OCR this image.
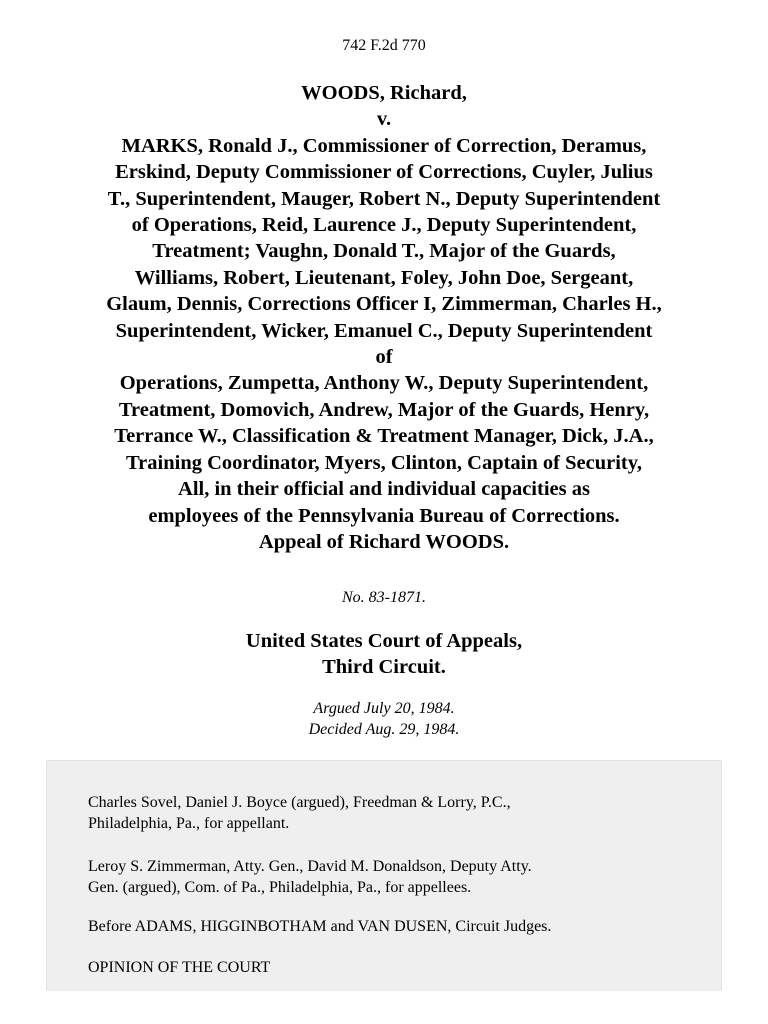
742 F.2d 770
WOODS, Richard,
v.
MARKS, Ronald J., Commissioner of Correction, Deramus,
Erskind, Deputy Commissioner of Corrections, Cuyler, Julius
T., Superintendent, Mauger, Robert N., Deputy Superintendent
of Operations, Reid, Laurence J., Deputy Superintendent,
Treatment; Vaughn, Donald T., Major of the Guards,
Williams, Robert, Lieutenant, Foley, John Doe, Sergeant,
Glaum, Dennis, Corrections Officer I, Zimmerman, Charles H.,
Superintendent, Wicker, Emanuel C., Deputy Superintendent
of
Operations, Zumpetta, Anthony W., Deputy Superintendent,
Treatment, Domovich, Andrew, Major of the Guards, Henry,
Terrance W., Classification & Treatment Manager, Dick, J.A.,
Training Coordinator, Myers, Clinton, Captain of Security,
All, in their official and individual capacities as
employees of the Pennsylvania Bureau of Corrections.
Appeal of Richard WOODS.
No. 83-1871.
United States Court of Appeals,
Third Circuit.
Argued July 20, 1984.
Decided Aug. 29, 1984.
Charles Sovel, Daniel J. Boyce (argued), Freedman & Lorry, P.C.,
Philadelphia, Pa., for appellant.
Leroy S. Zimmerman, Atty. Gen., David M. Donaldson, Deputy Atty.
Gen. (argued), Com. of Pa., Philadelphia, Pa., for appellees.
Before ADAMS, HIGGINBOTHAM and VAN DUSEN, Circuit Judges.
OPINION OF THE COURT
